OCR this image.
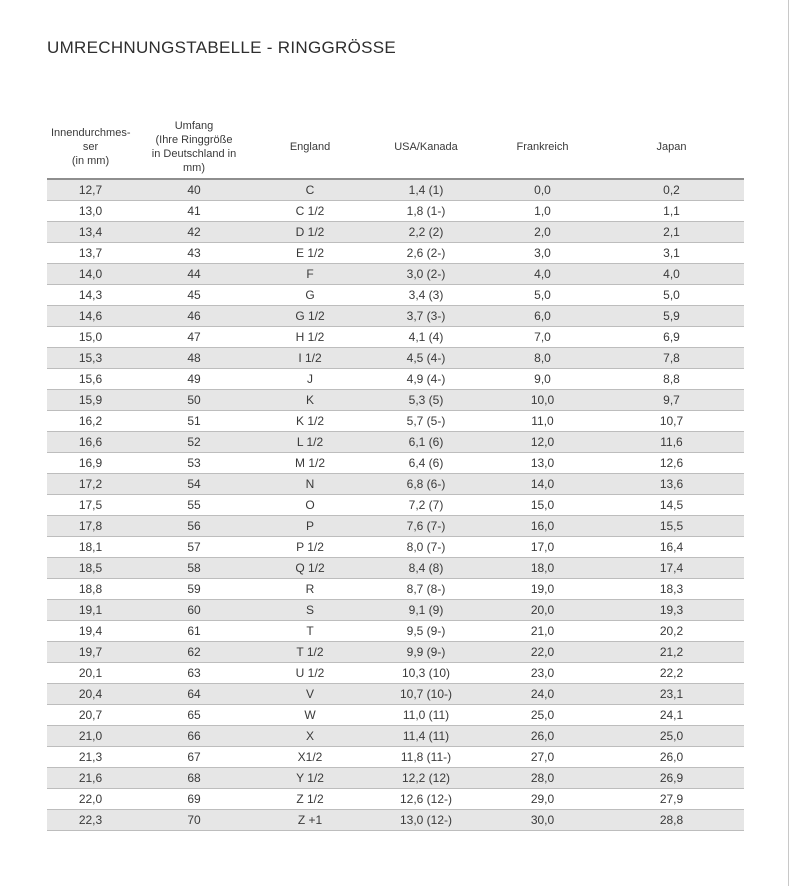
UMRECHNUNGSTABELLE - RINGGRÖSSE
Innendurchmes-
ser
(in mm)	Umfang
(Ihre Ringgröße
in Deutschland in
mm)	England	USA/Kanada	Frankreich	Japan

12,7	40	C	1,4 (1)	0,0	0,2
13,0	41	C 1/2	1,8 (1-)	1,0	1,1
13,4	42	D 1/2	2,2 (2)	2,0	2,1
13,7	43	E 1/2	2,6 (2-)	3,0	3,1
14,0	44	F	3,0 (2-)	4,0	4,0
14,3	45	G	3,4 (3)	5,0	5,0
14,6	46	G 1/2	3,7 (3-)	6,0	5,9
15,0	47	H 1/2	4,1 (4)	7,0	6,9
15,3	48	I 1/2	4,5 (4-)	8,0	7,8
15,6	49	J	4,9 (4-)	9,0	8,8
15,9	50	K	5,3 (5)	10,0	9,7
16,2	51	K 1/2	5,7 (5-)	11,0	10,7
16,6	52	L 1/2	6,1 (6)	12,0	11,6
16,9	53	M 1/2	6,4 (6)	13,0	12,6
17,2	54	N	6,8 (6-)	14,0	13,6
17,5	55	O	7,2 (7)	15,0	14,5
17,8	56	P	7,6 (7-)	16,0	15,5
18,1	57	P 1/2	8,0 (7-)	17,0	16,4
18,5	58	Q 1/2	8,4 (8)	18,0	17,4
18,8	59	R	8,7 (8-)	19,0	18,3
19,1	60	S	9,1 (9)	20,0	19,3
19,4	61	T	9,5 (9-)	21,0	20,2
19,7	62	T 1/2	9,9 (9-)	22,0	21,2
20,1	63	U 1/2	10,3 (10)	23,0	22,2
20,4	64	V	10,7 (10-)	24,0	23,1
20,7	65	W	11,0 (11)	25,0	24,1
21,0	66	X	11,4 (11)	26,0	25,0
21,3	67	X1/2	11,8 (11-)	27,0	26,0
21,6	68	Y 1/2	12,2 (12)	28,0	26,9
22,0	69	Z 1/2	12,6 (12-)	29,0	27,9
22,3	70	Z +1	13,0 (12-)	30,0	28,8
